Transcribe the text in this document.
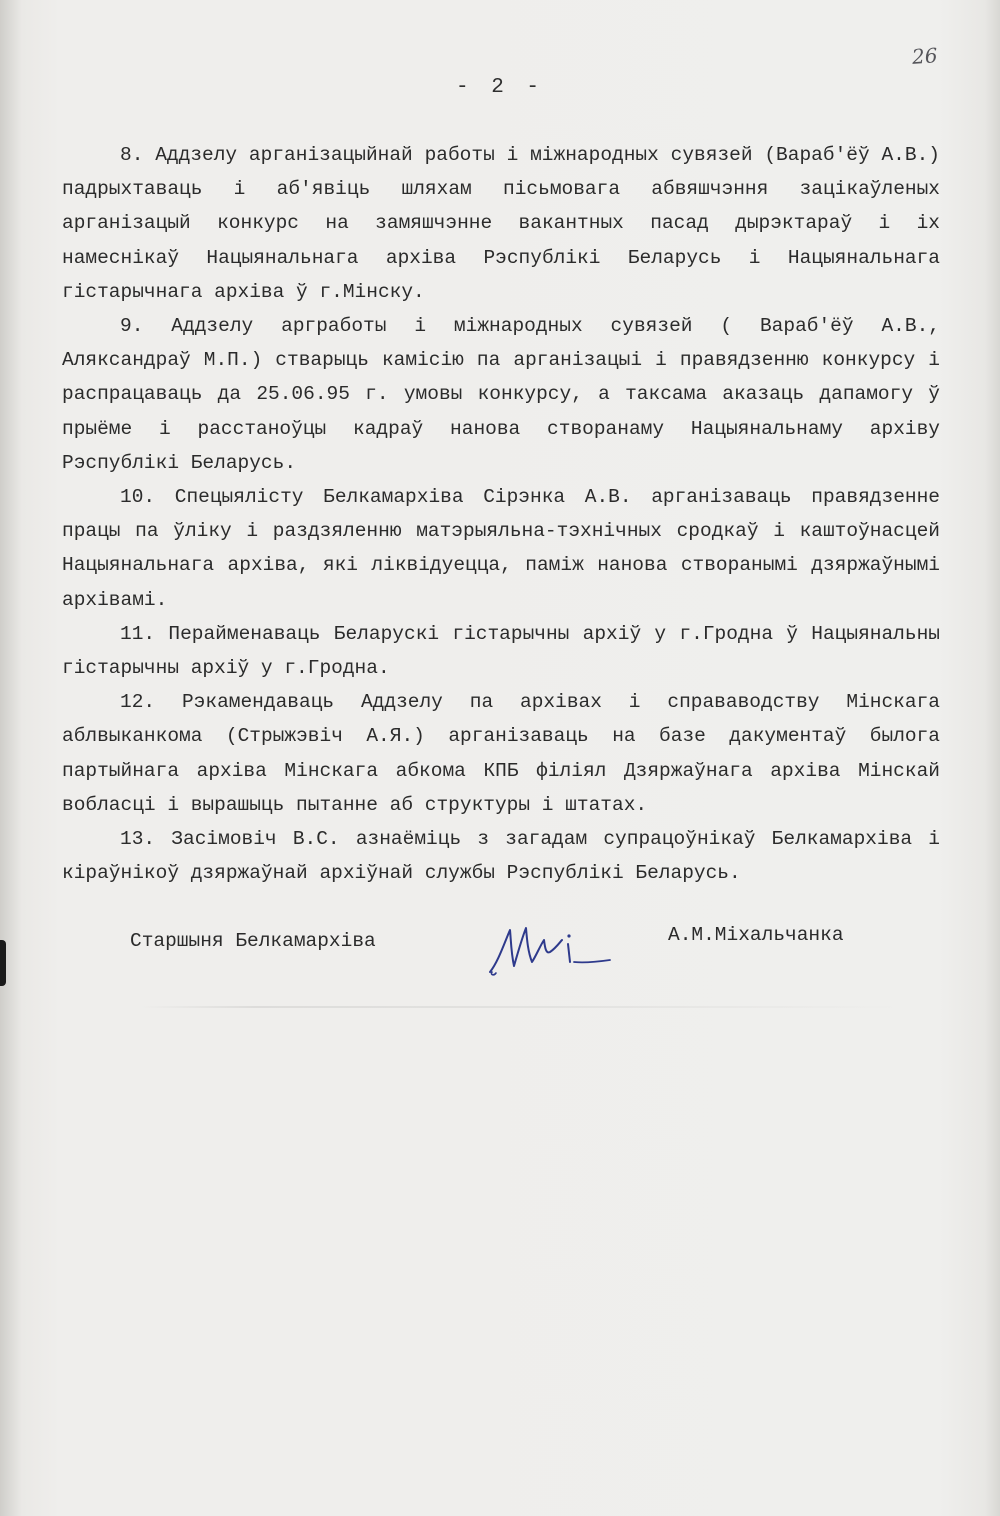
26
- 2 -

8. Аддзелу арганізацыйнай работы і міжнародных сувязей (Вараб'ёў А.В.) падрыхтаваць і аб'явіць шляхам пісьмовага абвяшчэння зацікаўленых арганізацый конкурс на замяшчэнне вакантных пасад дырэктараў і іх намеснікаў Нацыянальнага архіва Рэспублікі Беларусь і Нацыянальнага гістарычнага архіва ў г.Мінску.

9. Аддзелу аргработы і міжнародных сувязей ( Вараб'ёў А.В., Аляксандраў М.П.) стварыць камісію па арганізацыі і правядзенню конкурсу і распрацаваць да 25.06.95 г. умовы конкурсу, а таксама аказаць дапамогу ў прыёме і расстаноўцы кадраў нанова створанаму Нацыянальнаму архіву Рэспублікі Беларусь.

10. Спецыялісту Белкамархіва Сірэнка А.В. арганізаваць правядзенне працы па ўліку і раздзяленню матэрыяльна-тэхнічных сродкаў і каштоўнасцей Нацыянальнага архіва, які ліквідуецца, паміж нанова створанымі дзяржаўнымі архівамі.

11. Перайменаваць Беларускі гістарычны архіў у г.Гродна ў Нацыянальны гістарычны архіў у г.Гродна.

12. Рэкамендаваць Аддзелу па архівах і справаводству Мінскага аблвыканкома (Стрыжэвіч А.Я.) арганізаваць на базе дакументаў былога партыйнага архіва Мінскага абкома КПБ філіял Дзяржаўнага архіва Мінскай вобласці і вырашыць пытанне аб структуры і штатах.

13. Засімовіч В.С. азнаёміць з загадам супрацоўнікаў Белкамархіва і кіраўнікоў дзяржаўнай архіўнай службы Рэспублікі Беларусь.

Старшыня Белкамархіва	А.М.Міхальчанка
